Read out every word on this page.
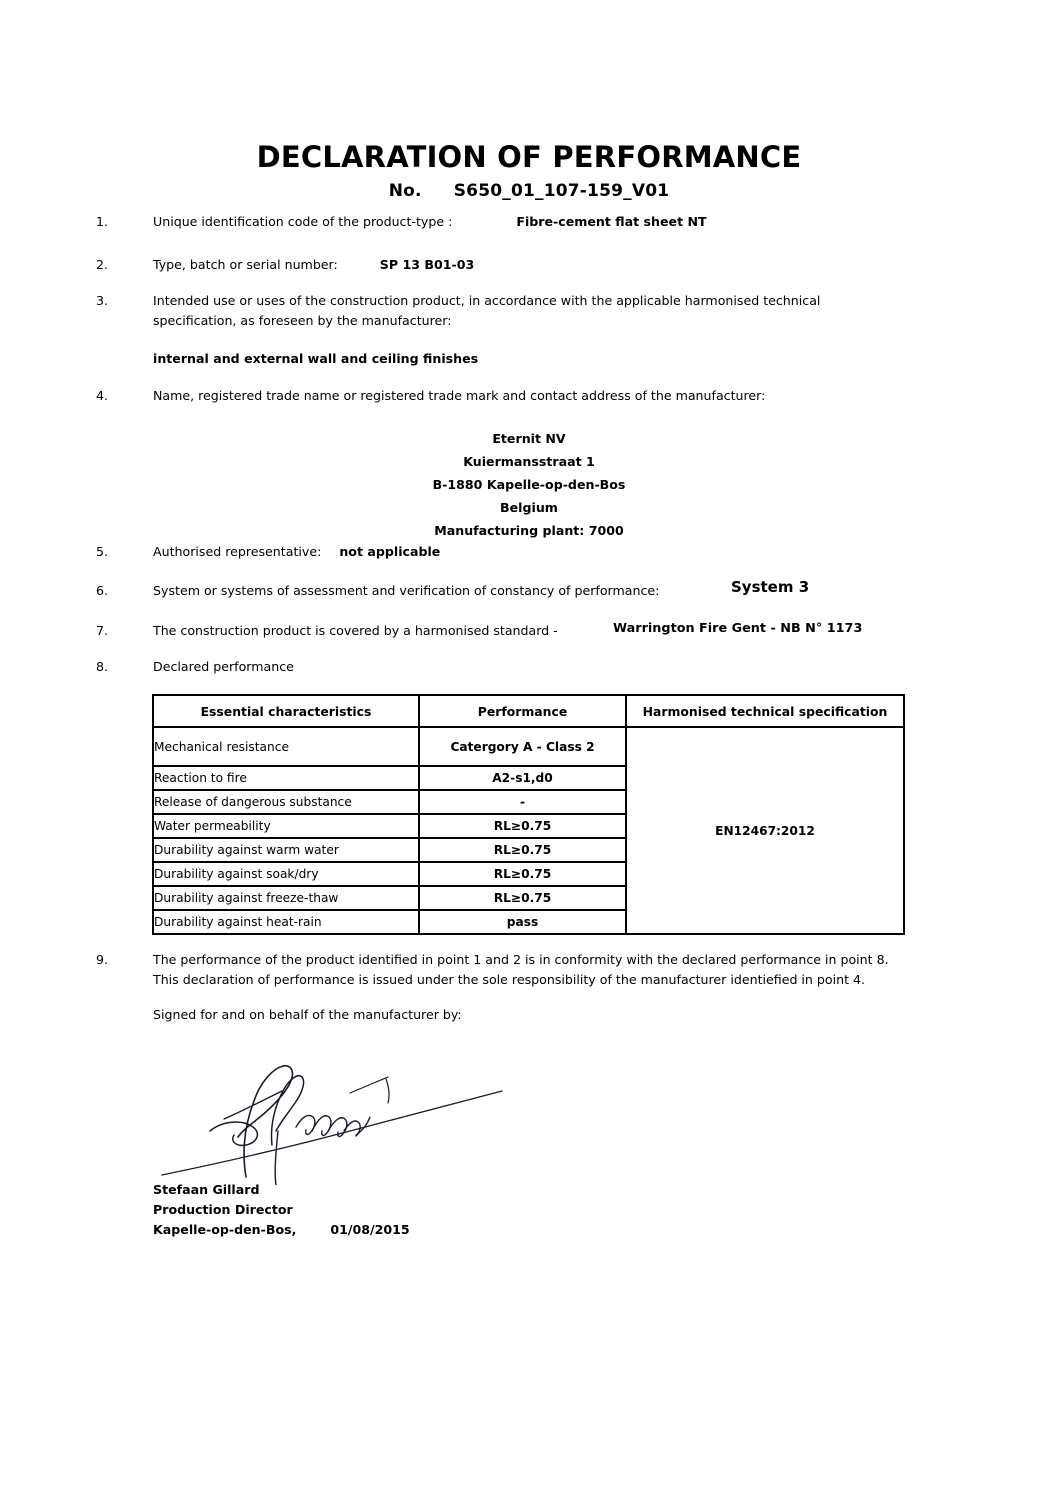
DECLARATION OF PERFORMANCE
No. S650_01_107-159_V01
1.	Unique identification code of the product-type :	Fibre-cement flat sheet NT
2.	Type, batch or serial number:	SP 13 B01-03
3.	Intended use or uses of the construction product, in accordance with the applicable harmonised technical
specification, as foreseen by the manufacturer:
internal and external wall and ceiling finishes
4.	Name, registered trade name or registered trade mark and contact address of the manufacturer:
Eternit NV
Kuiermansstraat 1
B-1880 Kapelle-op-den-Bos
Belgium
Manufacturing plant: 7000
5.	Authorised representative: not applicable
6.	System or systems of assessment and verification of constancy of performance:	System 3
7.	The construction product is covered by a harmonised standard -	Warrington Fire Gent - NB N° 1173
8.	Declared performance
Essential characteristics	Performance	Harmonised technical specification
Mechanical resistance	Catergory A - Class 2	EN12467:2012
Reaction to fire	A2-s1,d0	
Release of dangerous substance	-	
Water permeability	RL≥0.75	
Durability against warm water	RL≥0.75	
Durability against soak/dry	RL≥0.75	
Durability against freeze-thaw	RL≥0.75	
Durability against heat-rain	pass	
9.	The performance of the product identified in point 1 and 2 is in conformity with the declared performance in point 8.
This declaration of performance is issued under the sole responsibility of the manufacturer identiefied in point 4.
Signed for and on behalf of the manufacturer by:
Stefaan Gillard
Production Director
Kapelle-op-den-Bos,	01/08/2015
